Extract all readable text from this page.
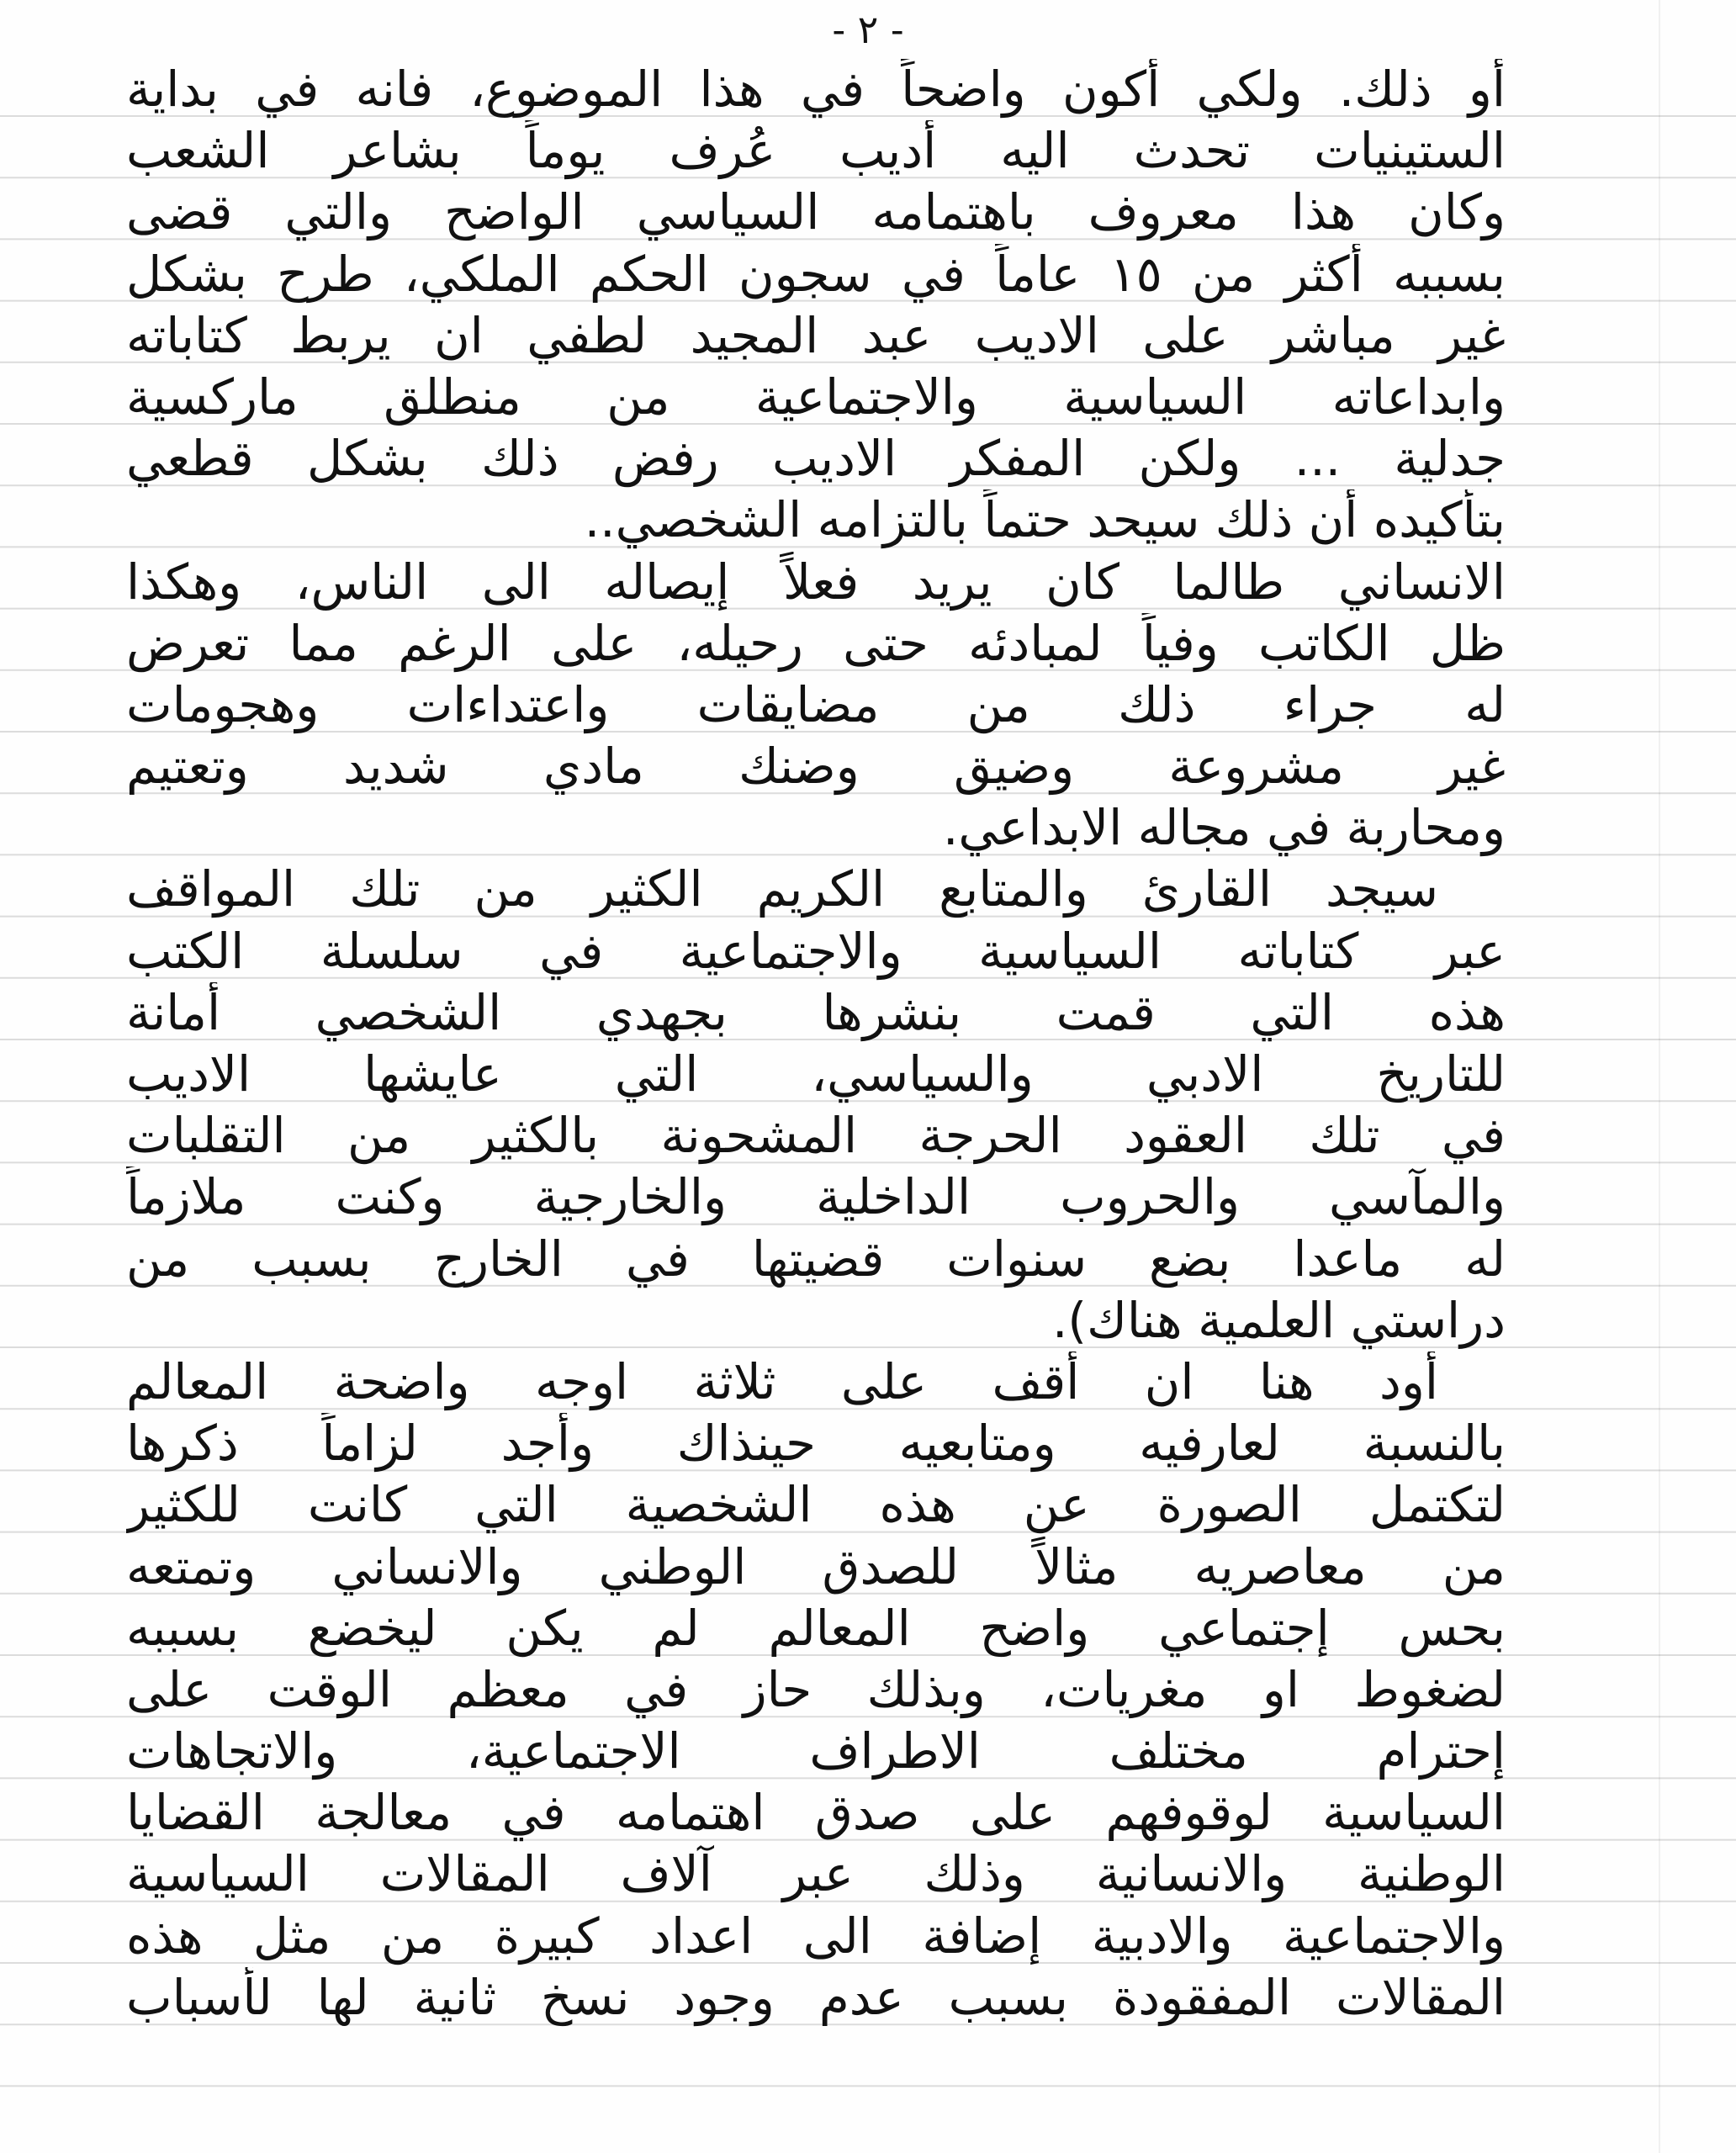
- ٢ -
أو ذلك. ولكي أكون واضحاً في هذا الموضوع، فانه في بداية
الستينيات تحدث اليه أديب عُرف يوماً بشاعر الشعب
وكان هذا معروف باهتمامه السياسي الواضح والتي قضى
بسببه أكثر من ١٥ عاماً في سجون الحكم الملكي، طرح بشكل
غير مباشر على الاديب عبد المجيد لطفي ان يربط كتاباته
وابداعاته السياسية والاجتماعية من منطلق ماركسية
جدلية ... ولكن المفكر الاديب رفض ذلك بشكل قطعي
بتأكيده أن ذلك سيحد حتماً بالتزامه الشخصي..
الانساني طالما كان يريد فعلاً إيصاله الى الناس، وهكذا
ظل الكاتب وفياً لمبادئه حتى رحيله، على الرغم مما تعرض
له جراء ذلك من مضايقات واعتداءات وهجومات
غير مشروعة وضيق وضنك مادي شديد وتعتيم
ومحاربة في مجاله الابداعي.
سيجد القارئ والمتابع الكريم الكثير من تلك المواقف
عبر كتاباته السياسية والاجتماعية في سلسلة الكتب
هذه التي قمت بنشرها بجهدي الشخصي أمانة
للتاريخ الادبي والسياسي، التي عايشها الاديب
في تلك العقود الحرجة المشحونة بالكثير من التقلبات
والمآسي والحروب الداخلية والخارجية وكنت ملازماً
له ماعدا بضع سنوات قضيتها في الخارج بسبب من
دراستي العلمية هناك).
أود هنا ان أقف على ثلاثة اوجه واضحة المعالم
بالنسبة لعارفيه ومتابعيه حينذاك وأجد لزاماً ذكرها
لتكتمل الصورة عن هذه الشخصية التي كانت للكثير
من معاصريه مثالاً للصدق الوطني والانساني وتمتعه
بحس إجتماعي واضح المعالم لم يكن ليخضع بسببه
لضغوط او مغريات، وبذلك حاز في معظم الوقت على
إحترام مختلف الاطراف الاجتماعية، والاتجاهات
السياسية لوقوفهم على صدق اهتمامه في معالجة القضايا
الوطنية والانسانية وذلك عبر آلاف المقالات السياسية
والاجتماعية والادبية إضافة الى اعداد كبيرة من مثل هذه
المقالات المفقودة بسبب عدم وجود نسخ ثانية لها لأسباب
